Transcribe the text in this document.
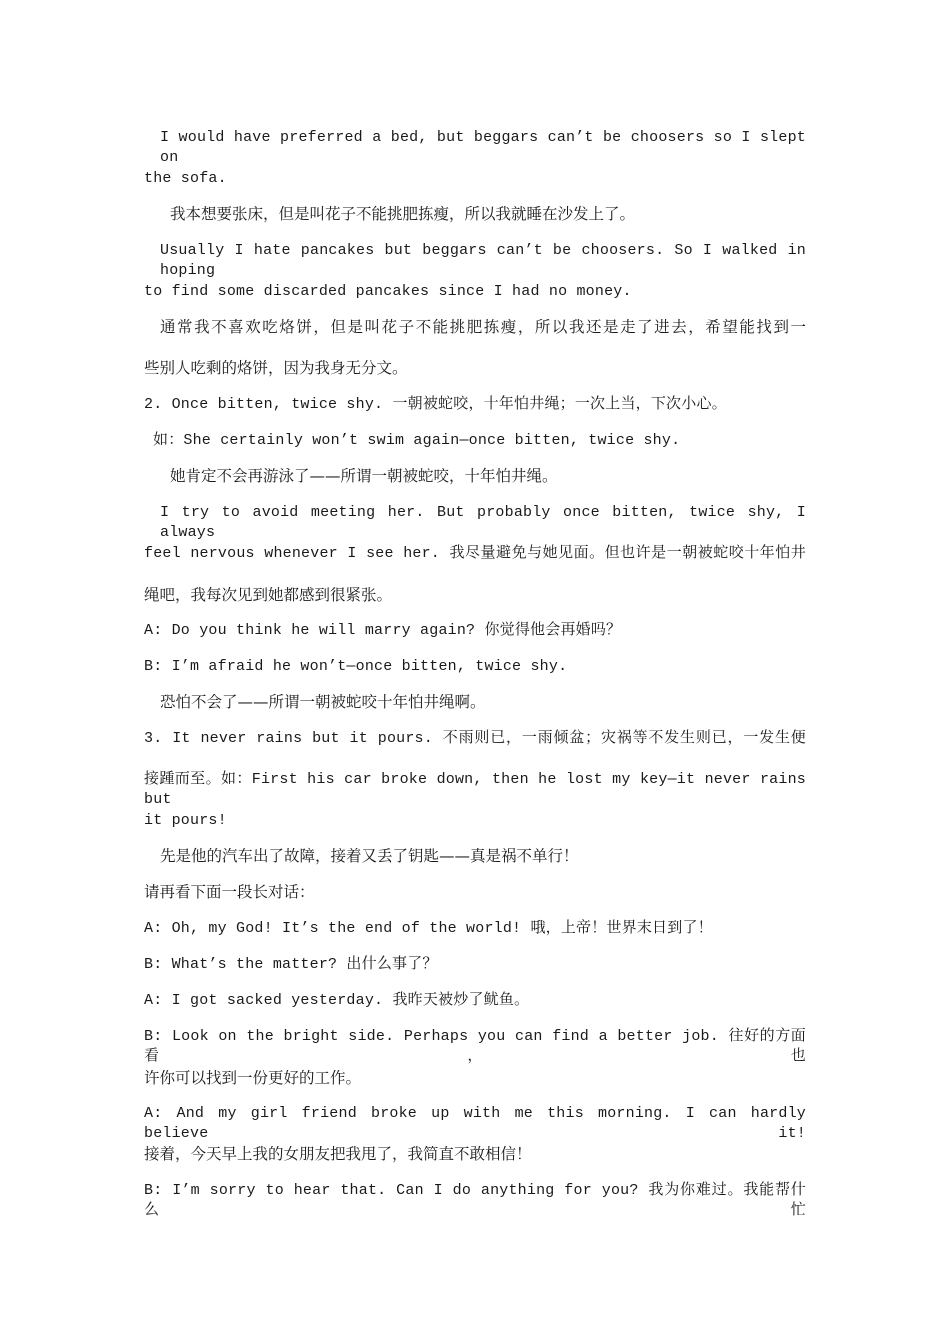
I would have preferred a bed, but beggars can’t be choosers so I slept on
the sofa.
我本想要张床，但是叫花子不能挑肥拣瘦，所以我就睡在沙发上了。
Usually I hate pancakes but beggars can’t be choosers. So I walked in hoping
to find some discarded pancakes since I had no money.
通常我不喜欢吃烙饼，但是叫花子不能挑肥拣瘦，所以我还是走了进去，希望能找到一
些别人吃剩的烙饼，因为我身无分文。
2. Once bitten, twice shy. 一朝被蛇咬，十年怕井绳；一次上当，下次小心。
如：She certainly won’t swim again—once bitten, twice shy.
她肯定不会再游泳了——所谓一朝被蛇咬，十年怕井绳。
I try to avoid meeting her. But probably once bitten, twice shy, I always
feel nervous whenever I see her. 我尽量避免与她见面。但也许是一朝被蛇咬十年怕井
绳吧，我每次见到她都感到很紧张。
A: Do you think he will marry again? 你觉得他会再婚吗？
B: I’m afraid he won’t—once bitten, twice shy.
恐怕不会了——所谓一朝被蛇咬十年怕井绳啊。
3. It never rains but it pours. 不雨则已，一雨倾盆；灾祸等不发生则已，一发生便
接踵而至。如：First his car broke down, then he lost my key—it never rains but
it pours!
先是他的汽车出了故障，接着又丢了钥匙——真是祸不单行！
请再看下面一段长对话：
A: Oh, my God! It’s the end of the world! 哦，上帝！世界末日到了！
B: What’s the matter? 出什么事了？
A: I got sacked yesterday. 我昨天被炒了鱿鱼。
B: Look on the bright side. Perhaps you can find a better job. 往好的方面看，也
许你可以找到一份更好的工作。
A: And my girl friend broke up with me this morning. I can hardly believe it!
接着，今天早上我的女朋友把我甩了，我简直不敢相信！
B: I’m sorry to hear that. Can I do anything for you? 我为你难过。我能帮什么忙
